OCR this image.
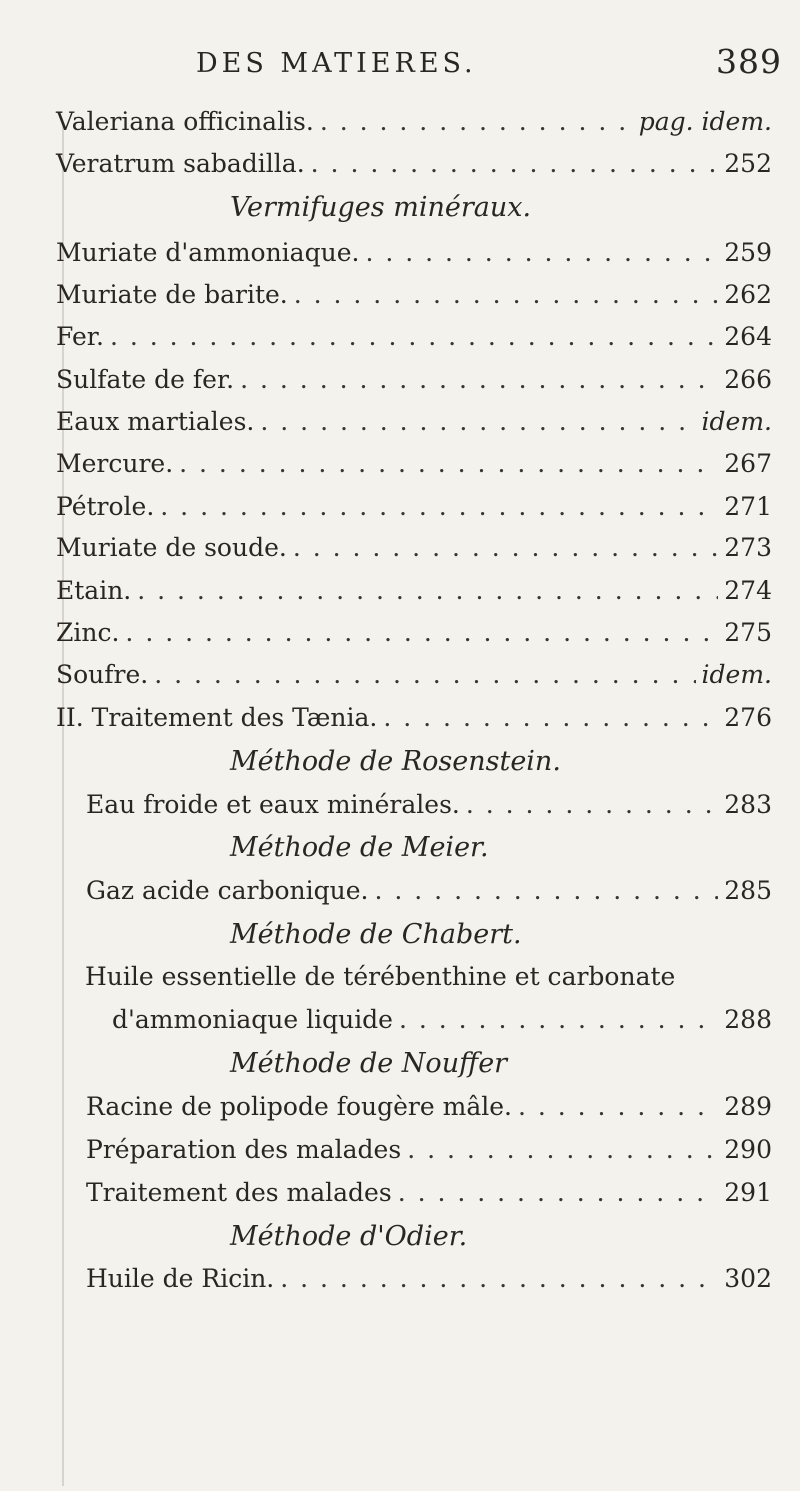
DES MATIERES.	389
Valeriana officinalis. . . .	pag. idem.
Veratrum sabadilla. . . .	252
Vermifuges minéraux.
Muriate d'ammoniaque. . . .	259
Muriate de barite. . . .	262
Fer. . . .	264
Sulfate de fer. . . .	266
Eaux martiales. . . .	idem.
Mercure. . . .	267
Pétrole. . . .	271
Muriate de soude. . . .	273
Etain. . . .	274
Zinc. . . .	275
Soufre. . . .	idem.
II. Traitement des Tænia. . . .	276
Méthode de Rosenstein.
Eau froide et eaux minérales. . . .	283
Méthode de Meier.
Gaz acide carbonique. . . .	285
Méthode de Chabert.
Huile essentielle de térébenthine et carbonate
d'ammoniaque liquide . . .	288
Méthode de Nouffer
Racine de polipode fougère mâle. . . .	289
Préparation des malades . . .	290
Traitement des malades . . .	291
Méthode d'Odier.
Huile de Ricin. . . .	302
